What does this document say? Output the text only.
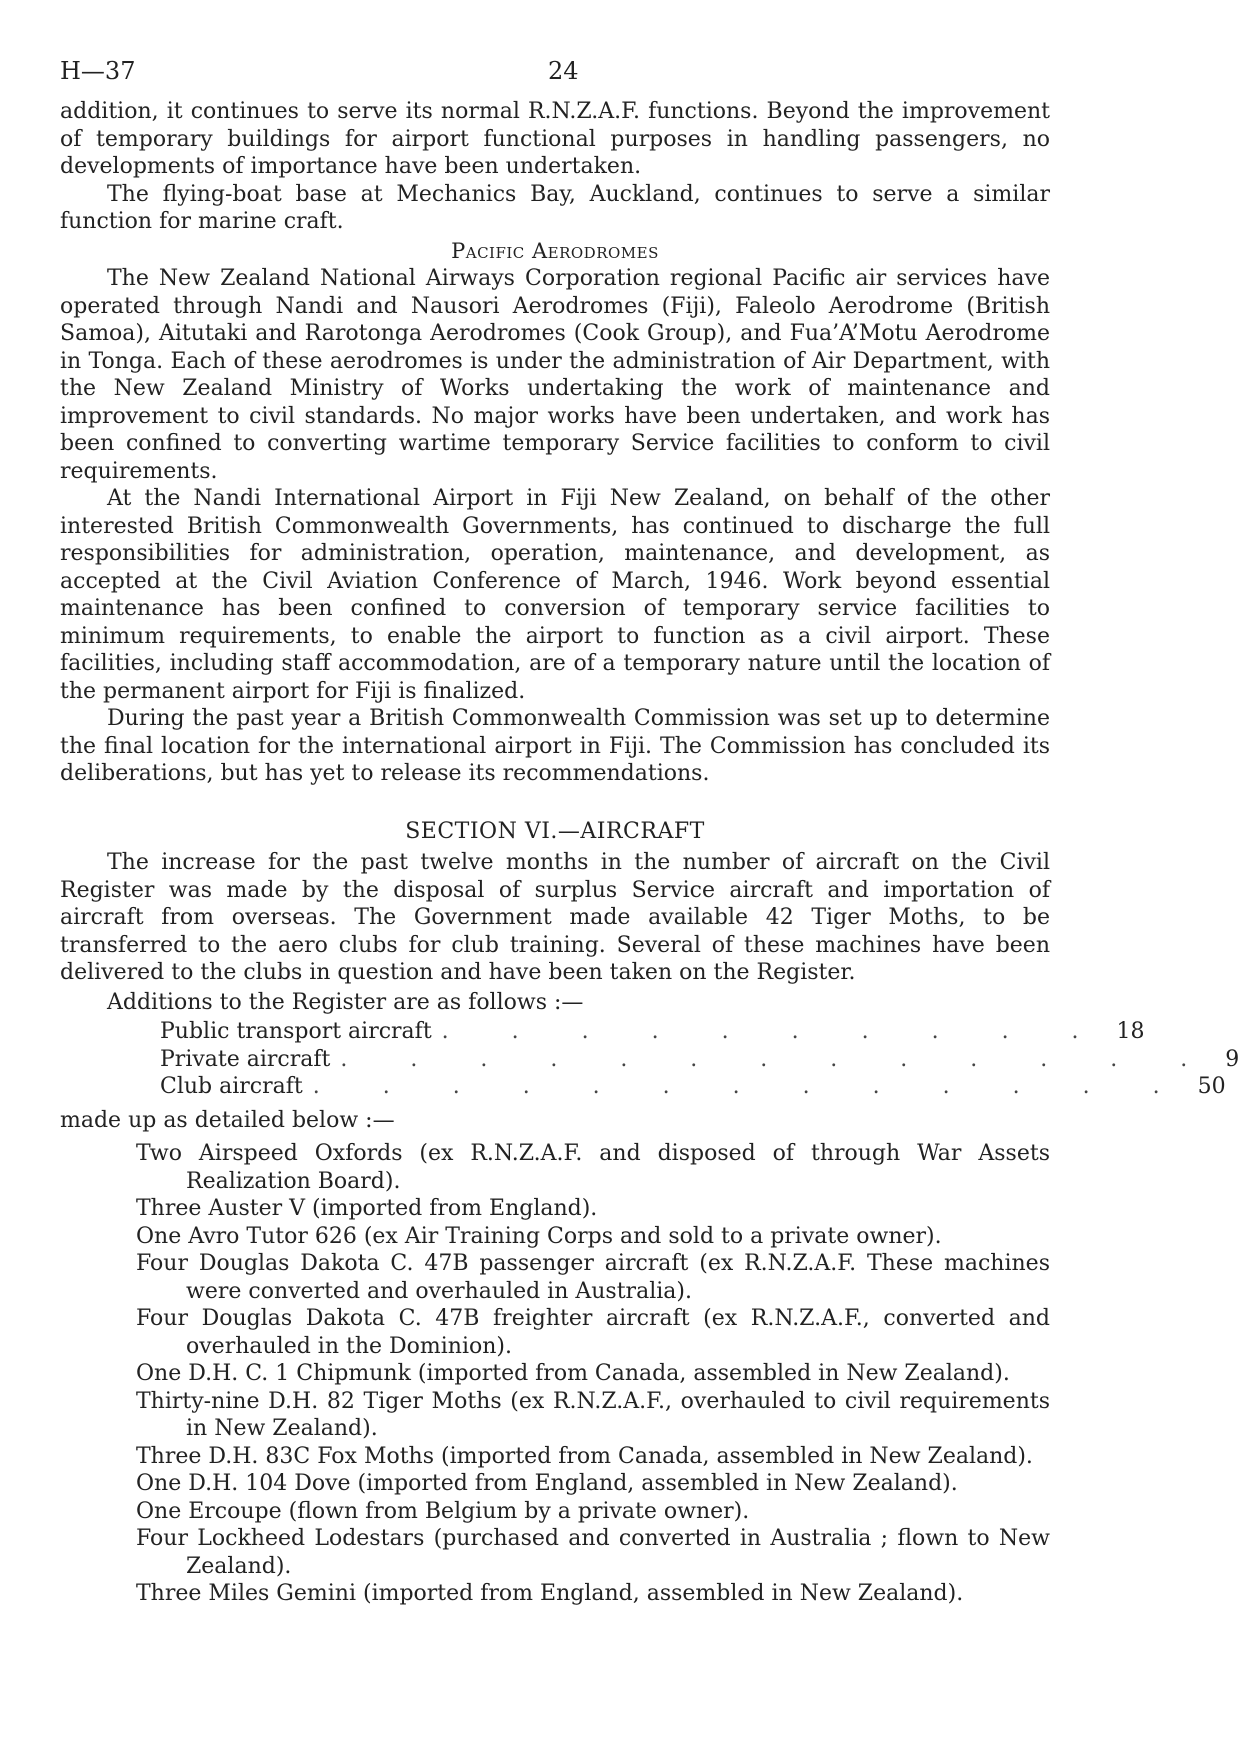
H—37	24

addition, it continues to serve its normal R.N.Z.A.F. functions. Beyond the improvement of temporary buildings for airport functional purposes in handling passengers, no developments of importance have been undertaken.

The flying-boat base at Mechanics Bay, Auckland, continues to serve a similar function for marine craft.

Pacific Aerodromes

The New Zealand National Airways Corporation regional Pacific air services have operated through Nandi and Nausori Aerodromes (Fiji), Faleolo Aerodrome (British Samoa), Aitutaki and Rarotonga Aerodromes (Cook Group), and Fua’A’Motu Aerodrome in Tonga. Each of these aerodromes is under the administration of Air Department, with the New Zealand Ministry of Works undertaking the work of maintenance and improvement to civil standards. No major works have been undertaken, and work has been confined to converting wartime temporary Service facilities to conform to civil requirements.

At the Nandi International Airport in Fiji New Zealand, on behalf of the other interested British Commonwealth Governments, has continued to discharge the full responsibilities for administration, operation, maintenance, and development, as accepted at the Civil Aviation Conference of March, 1946. Work beyond essential maintenance has been confined to conversion of temporary service facilities to minimum requirements, to enable the airport to function as a civil airport. These facilities, including staff accommodation, are of a temporary nature until the location of the permanent airport for Fiji is finalized.

During the past year a British Commonwealth Commission was set up to determine the final location for the international airport in Fiji. The Commission has concluded its deliberations, but has yet to release its recommendations.

SECTION VI.—AIRCRAFT

The increase for the past twelve months in the number of aircraft on the Civil Register was made by the disposal of surplus Service aircraft and importation of aircraft from overseas. The Government made available 42 Tiger Moths, to be transferred to the aero clubs for club training. Several of these machines have been delivered to the clubs in question and have been taken on the Register.

Additions to the Register are as follows :—
Public transport aircraft . . . . . . . . . . 18
Private aircraft . . . . . . . . . . . . . 9
Club aircraft . . . . . . . . . . . . . 50
made up as detailed below :—
Two Airspeed Oxfords (ex R.N.Z.A.F. and disposed of through War Assets Realization Board).
Three Auster V (imported from England).
One Avro Tutor 626 (ex Air Training Corps and sold to a private owner).
Four Douglas Dakota C. 47B passenger aircraft (ex R.N.Z.A.F. These machines were converted and overhauled in Australia).
Four Douglas Dakota C. 47B freighter aircraft (ex R.N.Z.A.F., converted and overhauled in the Dominion).
One D.H. C. 1 Chipmunk (imported from Canada, assembled in New Zealand).
Thirty-nine D.H. 82 Tiger Moths (ex R.N.Z.A.F., overhauled to civil requirements in New Zealand).
Three D.H. 83C Fox Moths (imported from Canada, assembled in New Zealand).
One D.H. 104 Dove (imported from England, assembled in New Zealand).
One Ercoupe (flown from Belgium by a private owner).
Four Lockheed Lodestars (purchased and converted in Australia ; flown to New Zealand).
Three Miles Gemini (imported from England, assembled in New Zealand).
